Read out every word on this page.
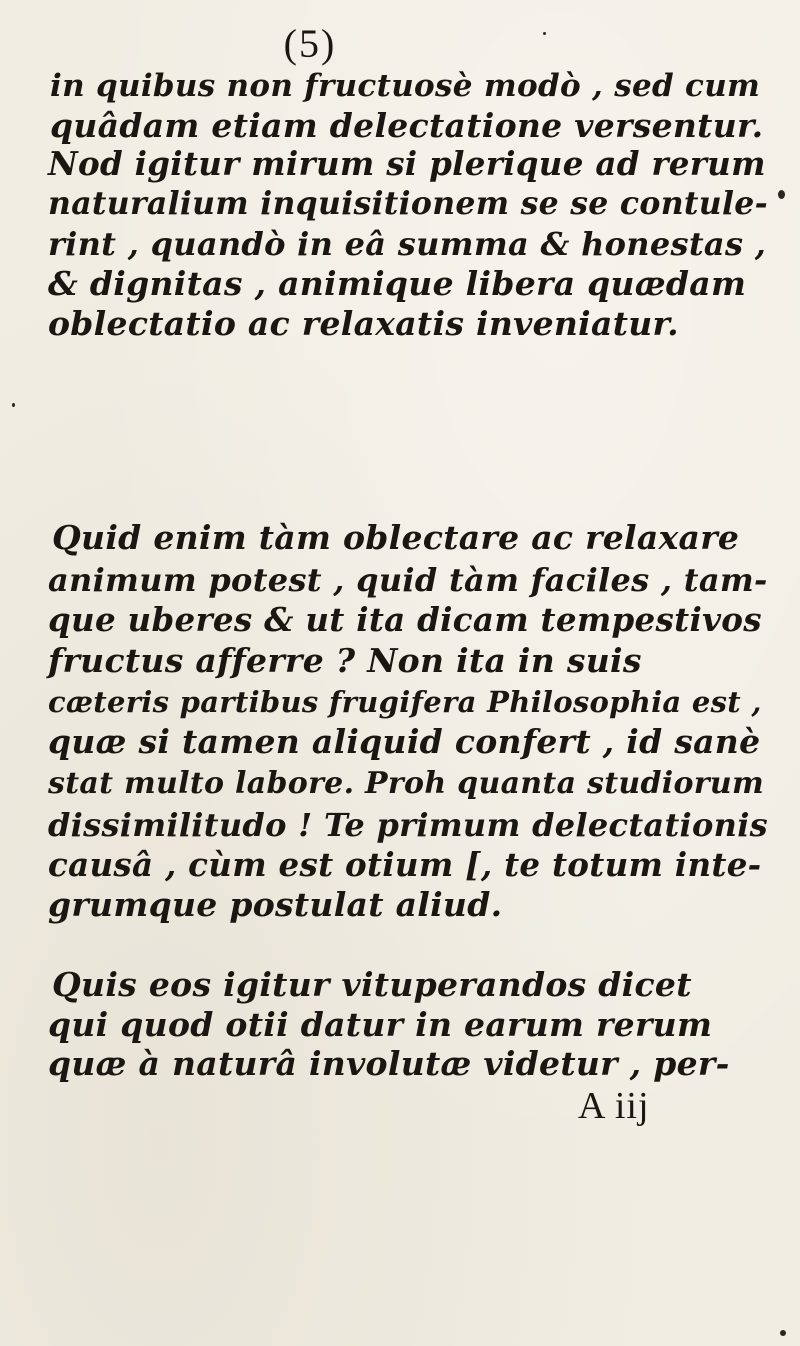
(5)
in quibus non fructuosè modò , sed cum
quâdam etiam delectatione versentur.
Nod igitur mirum si plerique ad rerum
naturalium inquisitionem se se contule-
rint , quandò in eâ summa & honestas ,
& dignitas , animique libera quædam
oblectatio ac relaxatis inveniatur.
Quid enim tàm oblectare ac relaxare
animum potest , quid tàm faciles , tam-
que uberes & ut ita dicam tempestivos
fructus afferre ? Non ita in suis
cæteris partibus frugifera Philosophia est ,
quæ si tamen aliquid confert , id sanè
stat multo labore. Proh quanta studiorum
dissimilitudo ! Te primum delectationis
causâ , cùm est otium [, te totum inte-
grumque postulat aliud.
Quis eos igitur vituperandos dicet
qui quod otii datur in earum rerum
quæ à naturâ involutæ videtur , per-
A iij
